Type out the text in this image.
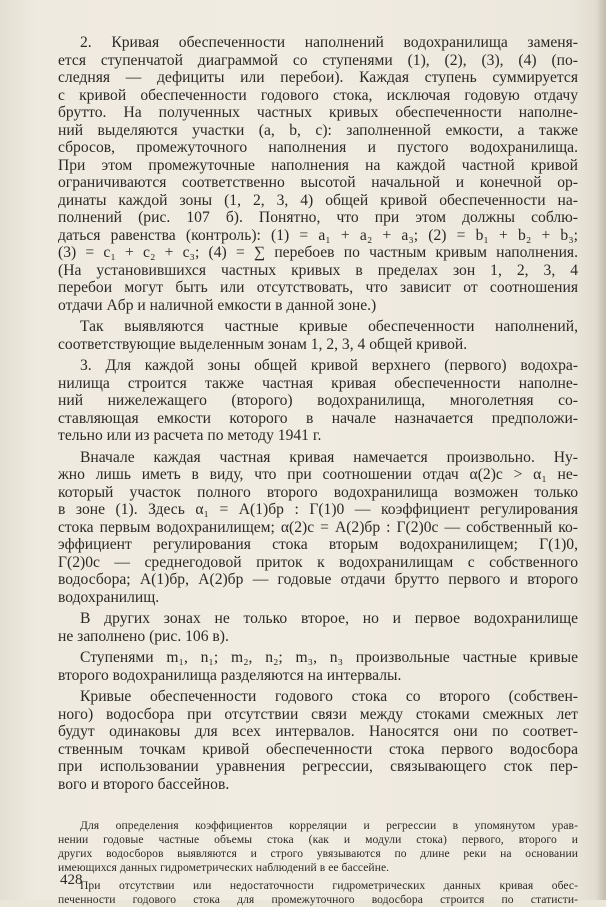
2. Кривая обеспеченности наполнений водохранилища заменя-
ется ступенчатой диаграммой со ступенями (1), (2), (3), (4) (по-
следняя — дефициты или перебои). Каждая ступень суммируется
с кривой обеспеченности годового стока, исключая годовую отдачу
брутто. На полученных частных кривых обеспеченности наполне-
ний выделяются участки (a, b, c): заполненной емкости, а также
сбросов, промежуточного наполнения и пустого водохранилища.
При этом промежуточные наполнения на каждой частной кривой
ограничиваются соответственно высотой начальной и конечной ор-
динаты каждой зоны (1, 2, 3, 4) общей кривой обеспеченности на-
полнений (рис. 107 б). Понятно, что при этом должны соблю-
даться равенства (контроль): (1) = a₁ + a₂ + a₃; (2) = b₁ + b₂ + b₃;
(3) = c₁ + c₂ + c₃; (4) = ∑ перебоев по частным кривым наполнения.
(На установившихся частных кривых в пределах зон 1, 2, 3, 4
перебои могут быть или отсутствовать, что зависит от соотношения
отдачи Aбр и наличной емкости в данной зоне.)

Так выявляются частные кривые обеспеченности наполнений,
соответствующие выделенным зонам 1, 2, 3, 4 общей кривой.

3. Для каждой зоны общей кривой верхнего (первого) водохра-
нилища строится также частная кривая обеспеченности наполне-
ний нижележащего (второго) водохранилища, многолетняя со-
ставляющая емкости которого в начале назначается предположи-
тельно или из расчета по методу 1941 г.

Вначале каждая частная кривая намечается произвольно. Ну-
жно лишь иметь в виду, что при соотношении отдач α(2)с > α₁ не-
который участок полного второго водохранилища возможен только
в зоне (1). Здесь α₁ = A(1)бр : Г(1)0 — коэффициент регулирования
стока первым водохранилищем; α(2)с = A(2)бр : Г(2)0с — собственный ко-
эффициент регулирования стока вторым водохранилищем; Г(1)0,
Г(2)0с — среднегодовой приток к водохранилищам с собственного
водосбора; A(1)бр, A(2)бр — годовые отдачи брутто первого и второго
водохранилищ.

В других зонах не только второе, но и первое водохранилище
не заполнено (рис. 106 в).

Ступенями m₁, n₁; m₂, n₂; m₃, n₃ произвольные частные кривые
второго водохранилища разделяются на интервалы.

Кривые обеспеченности годового стока со второго (собствен-
ного) водосбора при отсутствии связи между стоками смежных лет
будут одинаковы для всех интервалов. Наносятся они по соответ-
ственным точкам кривой обеспеченности стока первого водосбора
при использовании уравнения регрессии, связывающего сток пер-
вого и второго бассейнов.

Для определения коэффициентов корреляции и регрессии в упомянутом урав-
нении годовые частные объемы стока (как и модули стока) первого, второго и
других водосборов выявляются и строго увязываются по длине реки на основании
имеющихся данных гидрометрических наблюдений в ее бассейне.

При отсутствии или недостаточности гидрометрических данных кривая обес-
печенности годового стока для промежуточного водосбора строится по статисти-

428
